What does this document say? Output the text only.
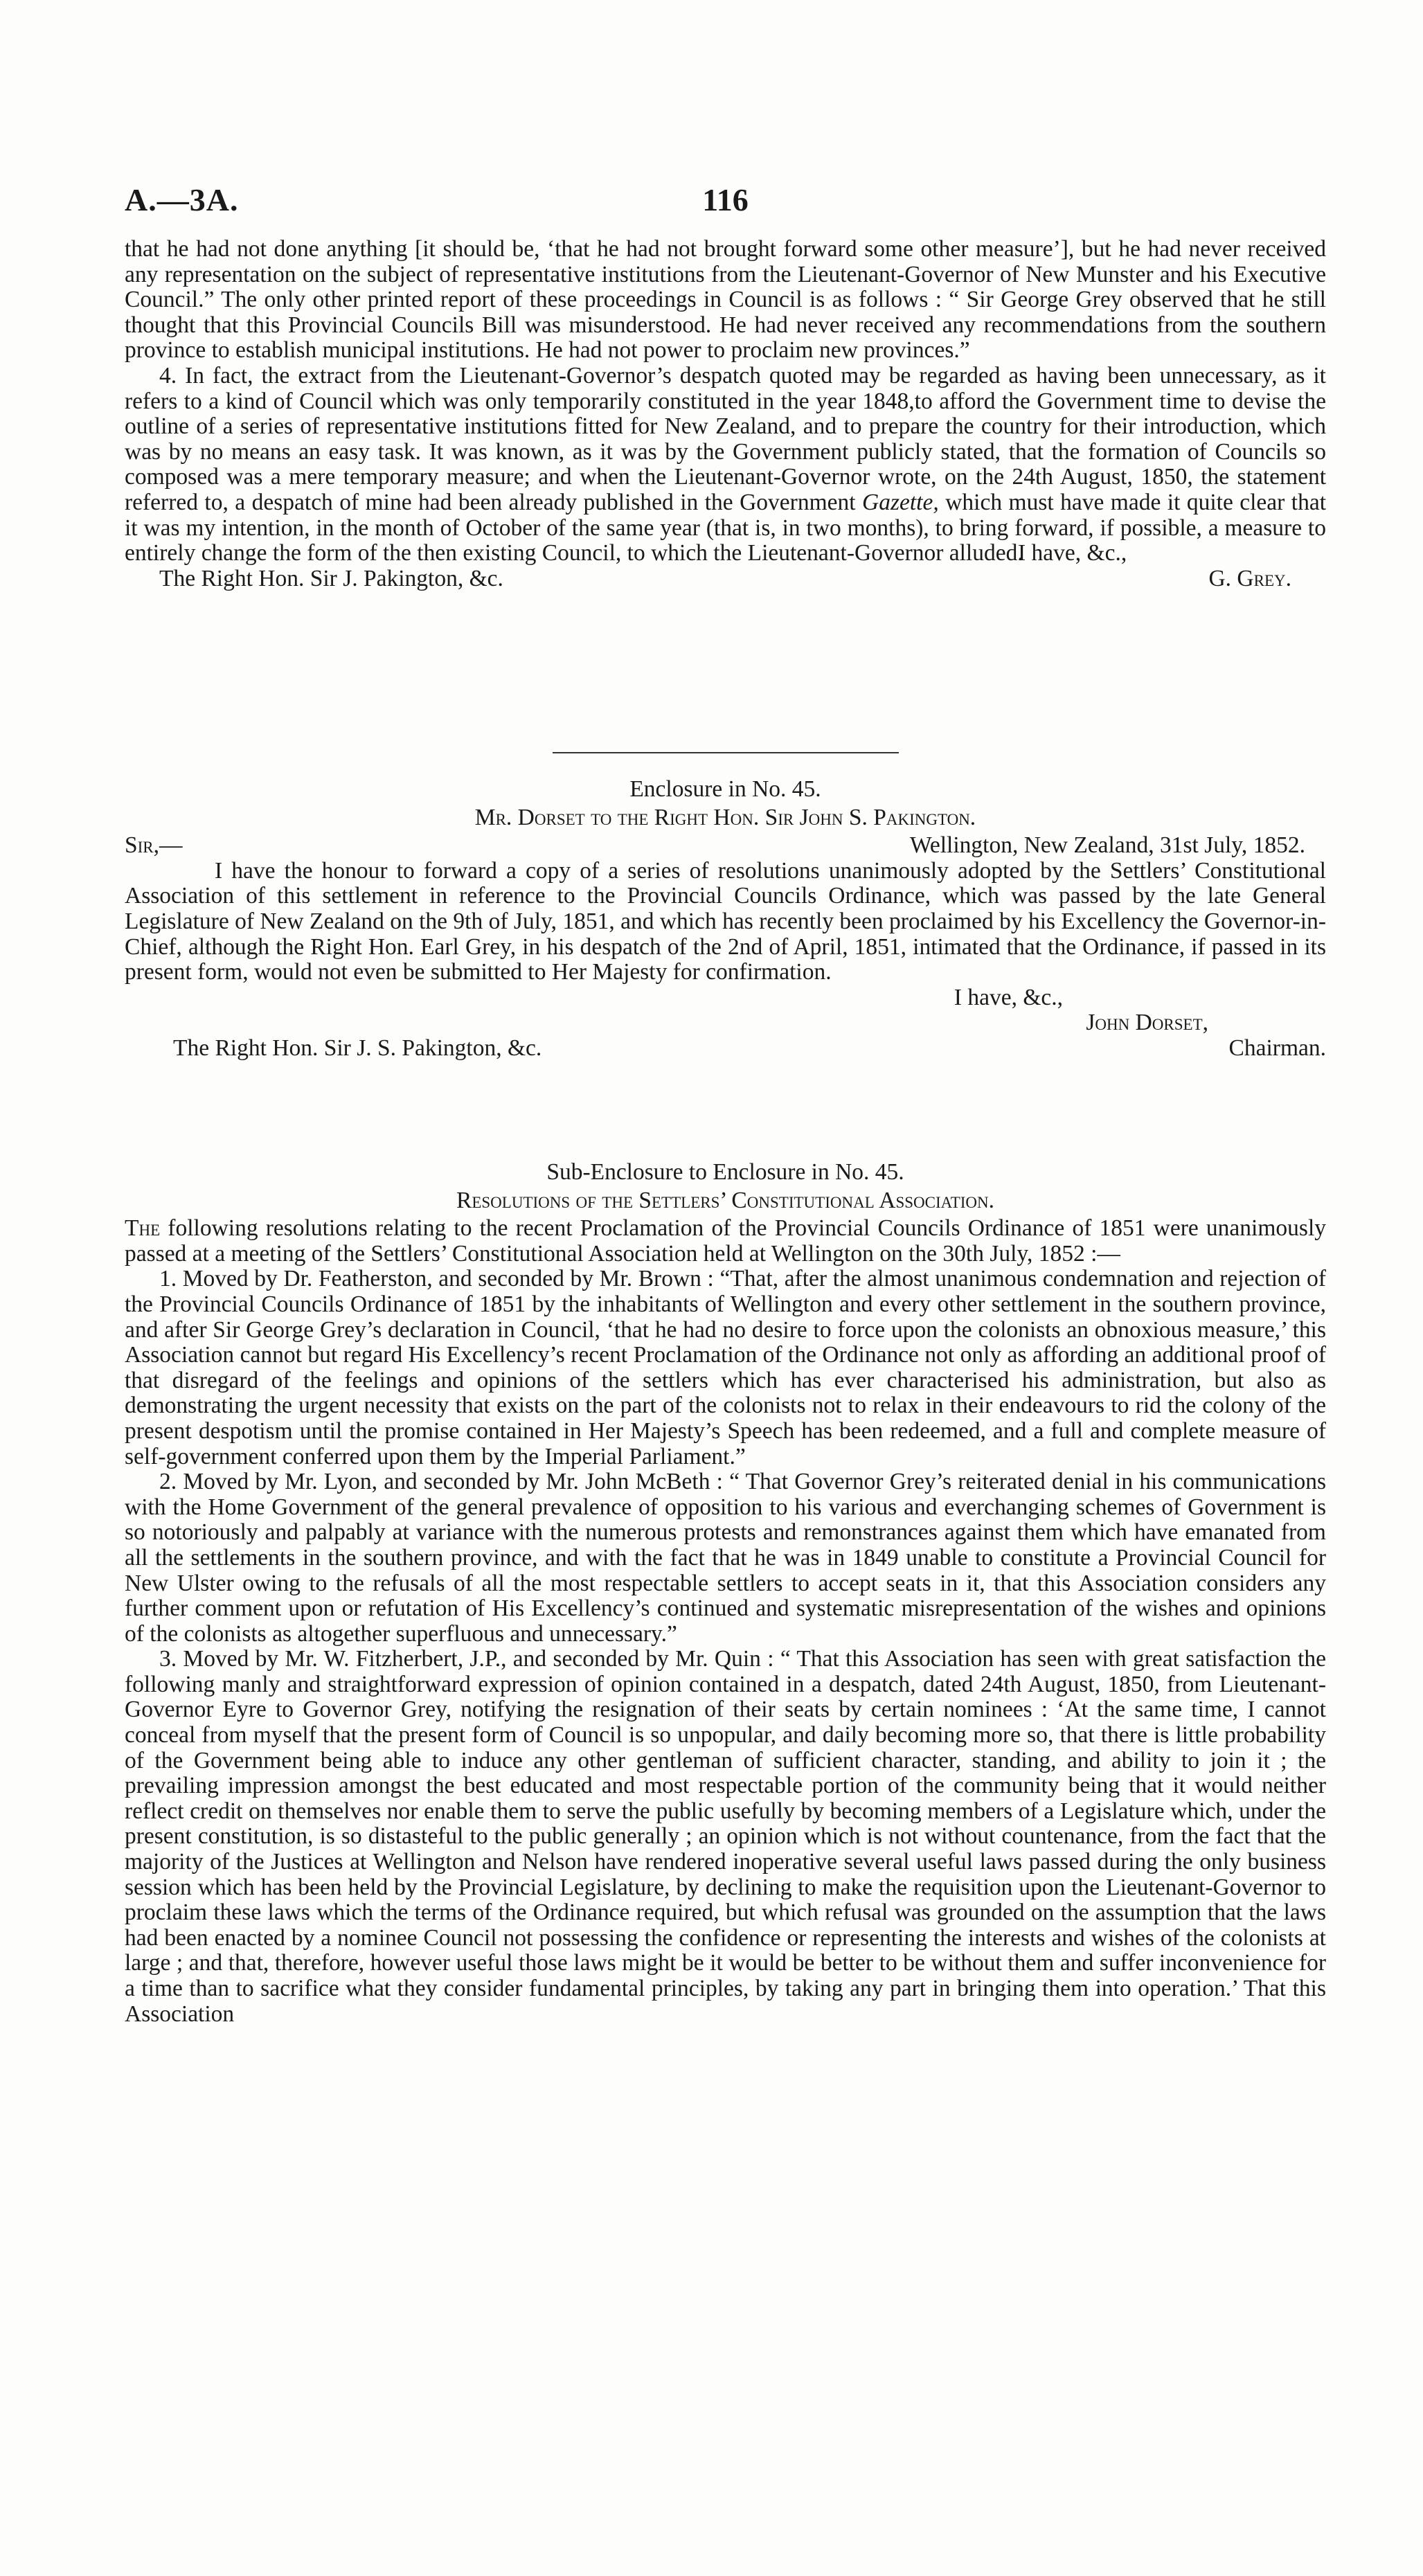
A.—3A.	116

that he had not done anything [it should be, ‘that he had not brought forward some other measure’], but he had never received any representation on the subject of representative institutions from the Lieutenant-Governor of New Munster and his Executive Council.” The only other printed report of these proceedings in Council is as follows : “ Sir George Grey observed that he still thought that this Provincial Councils Bill was misunderstood. He had never received any recommendations from the southern province to establish municipal institutions. He had not power to proclaim new provinces.”

4. In fact, the extract from the Lieutenant-Governor’s despatch quoted may be regarded as having been unnecessary, as it refers to a kind of Council which was only temporarily constituted in the year 1848,to afford the Government time to devise the outline of a series of representative institutions fitted for New Zealand, and to prepare the country for their introduction, which was by no means an easy task. It was known, as it was by the Government publicly stated, that the formation of Councils so composed was a mere temporary measure; and when the Lieutenant-Governor wrote, on the 24th August, 1850, the statement referred to, a despatch of mine had been already published in the Government Gazette, which must have made it quite clear that it was my intention, in the month of October of the same year (that is, in two months), to bring forward, if possible, a measure to entirely change the form of the then existing Council, to which the Lieutenant-Governor alluded.

I have, &c.,
The Right Hon. Sir J. Pakington, &c.	G. Grey.
Enclosure in No. 45.
Mr. Dorset to the Right Hon. Sir John S. Pakington.
Sir,—	Wellington, New Zealand, 31st July, 1852.

I have the honour to forward a copy of a series of resolutions unanimously adopted by the Settlers’ Constitutional Association of this settlement in reference to the Provincial Councils Ordinance, which was passed by the late General Legislature of New Zealand on the 9th of July, 1851, and which has recently been proclaimed by his Excellency the Governor-in-Chief, although the Right Hon. Earl Grey, in his despatch of the 2nd of April, 1851, intimated that the Ordinance, if passed in its present form, would not even be submitted to Her Majesty for confirmation.

I have, &c.,
John Dorset,
The Right Hon. Sir J. S. Pakington, &c.	Chairman.
Sub-Enclosure to Enclosure in No. 45.
Resolutions of the Settlers’ Constitutional Association.

The following resolutions relating to the recent Proclamation of the Provincial Councils Ordinance of 1851 were unanimously passed at a meeting of the Settlers’ Constitutional Association held at Wellington on the 30th July, 1852 :—

1. Moved by Dr. Featherston, and seconded by Mr. Brown : “That, after the almost unanimous condemnation and rejection of the Provincial Councils Ordinance of 1851 by the inhabitants of Wellington and every other settlement in the southern province, and after Sir George Grey’s declaration in Council, ‘that he had no desire to force upon the colonists an obnoxious measure,’ this Association cannot but regard His Excellency’s recent Proclamation of the Ordinance not only as affording an additional proof of that disregard of the feelings and opinions of the settlers which has ever characterised his administration, but also as demonstrating the urgent necessity that exists on the part of the colonists not to relax in their endeavours to rid the colony of the present despotism until the promise contained in Her Majesty’s Speech has been redeemed, and a full and complete measure of self-government conferred upon them by the Imperial Parliament.”

2. Moved by Mr. Lyon, and seconded by Mr. John McBeth : “ That Governor Grey’s reiterated denial in his communications with the Home Government of the general prevalence of opposition to his various and everchanging schemes of Government is so notoriously and palpably at variance with the numerous protests and remonstrances against them which have emanated from all the settlements in the southern province, and with the fact that he was in 1849 unable to constitute a Provincial Council for New Ulster owing to the refusals of all the most respectable settlers to accept seats in it, that this Association considers any further comment upon or refutation of His Excellency’s continued and systematic misrepresentation of the wishes and opinions of the colonists as altogether superfluous and unnecessary.”

3. Moved by Mr. W. Fitzherbert, J.P., and seconded by Mr. Quin : “ That this Association has seen with great satisfaction the following manly and straightforward expression of opinion contained in a despatch, dated 24th August, 1850, from Lieutenant-Governor Eyre to Governor Grey, notifying the resignation of their seats by certain nominees : ‘At the same time, I cannot conceal from myself that the present form of Council is so unpopular, and daily becoming more so, that there is little probability of the Government being able to induce any other gentleman of sufficient character, standing, and ability to join it ; the prevailing impression amongst the best educated and most respectable portion of the community being that it would neither reflect credit on themselves nor enable them to serve the public usefully by becoming members of a Legislature which, under the present constitution, is so distasteful to the public generally ; an opinion which is not without countenance, from the fact that the majority of the Justices at Wellington and Nelson have rendered inoperative several useful laws passed during the only business session which has been held by the Provincial Legislature, by declining to make the requisition upon the Lieutenant-Governor to proclaim these laws which the terms of the Ordinance required, but which refusal was grounded on the assumption that the laws had been enacted by a nominee Council not possessing the confidence or representing the interests and wishes of the colonists at large ; and that, therefore, however useful those laws might be it would be better to be without them and suffer inconvenience for a time than to sacrifice what they consider fundamental principles, by taking any part in bringing them into operation.’ That this Association
